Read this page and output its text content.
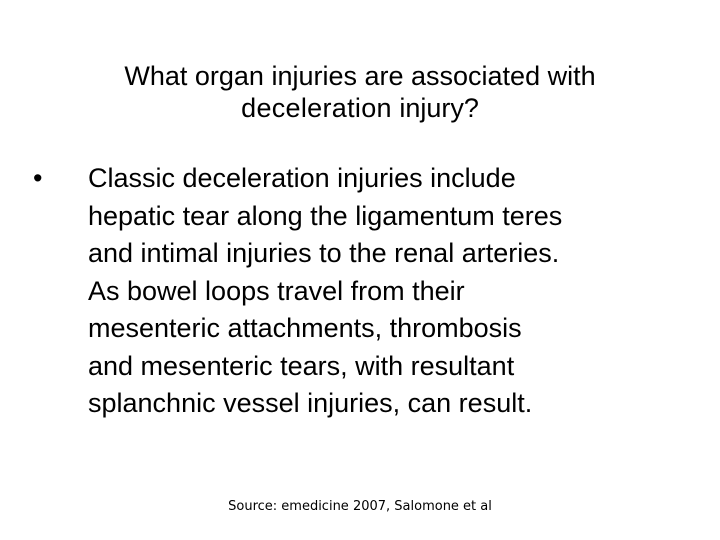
What organ injuries are associated with
deceleration injury?
•	Classic deceleration injuries include
hepatic tear along the ligamentum teres
and intimal injuries to the renal arteries.
As bowel loops travel from their
mesenteric attachments, thrombosis
and mesenteric tears, with resultant
splanchnic vessel injuries, can result.
Source: emedicine 2007, Salomone et al
